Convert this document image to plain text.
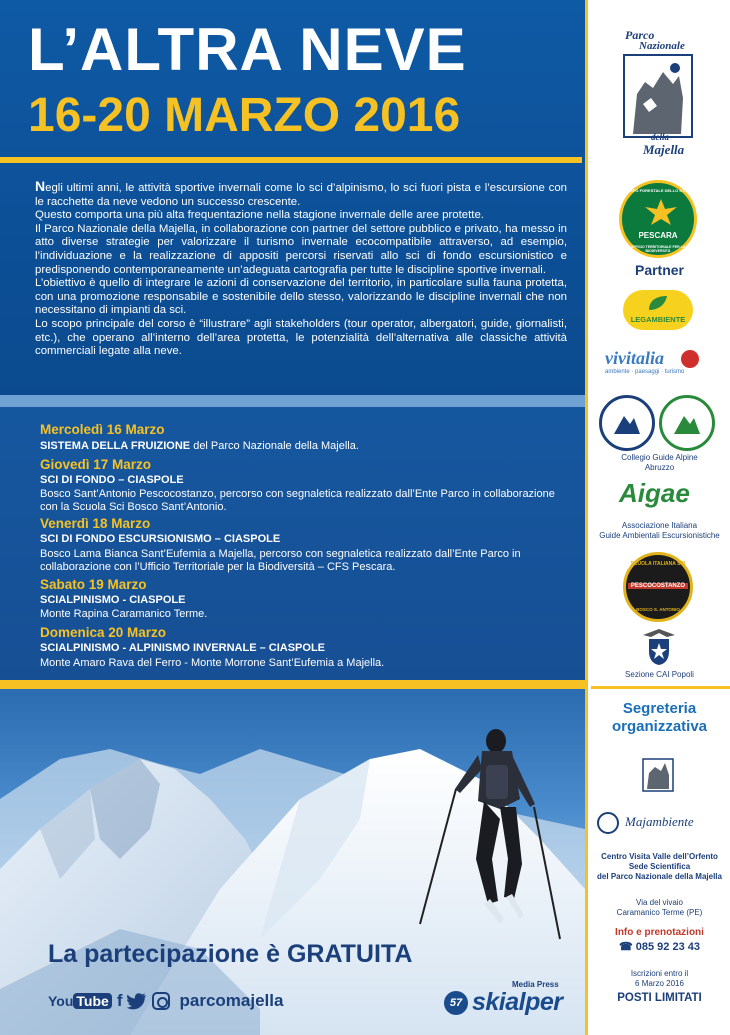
L’ALTRA NEVE
16-20 MARZO 2016

Negli ultimi anni, le attività sportive invernali come lo sci d’alpinismo, lo sci fuori pista e l’escursione con le racchette da neve vedono un successo crescente.

Questo comporta una più alta frequentazione nella stagione invernale delle aree protette.

Il Parco Nazionale della Majella, in collaborazione con partner del settore pubblico e privato, ha messo in atto diverse strategie per valorizzare il turismo invernale ecocompatibile attraverso, ad esempio, l’individuazione e la realizzazione di appositi percorsi riservati allo sci di fondo escursionistico e predisponendo contemporaneamente un’adeguata cartografia per tutte le discipline sportive invernali.

L’obiettivo è quello di integrare le azioni di conservazione del territorio, in particolare sulla fauna protetta, con una promozione responsabile e sostenibile dello stesso, valorizzando le discipline invernali che non necessitano di impianti da sci.

Lo scopo principale del corso è “illustrare” agli stakeholders (tour operator, albergatori, guide, giornalisti, etc.), che operano all’interno dell’area protetta, le potenzialità dell’alternativa alle classiche attività commerciali legate alla neve.

Mercoledì 16 Marzo
SISTEMA DELLA FRUIZIONE del Parco Nazionale della Majella.
Giovedì 17 Marzo
SCI DI FONDO – CIASPOLE
Bosco Sant’Antonio Pescocostanzo, percorso con segnaletica realizzato dall’Ente Parco in collaborazione con la Scuola Sci Bosco Sant’Antonio.
Venerdì 18 Marzo
SCI DI FONDO ESCURSIONISMO – CIASPOLE
Bosco Lama Bianca Sant’Eufemia a Majella, percorso con segnaletica realizzato dall’Ente Parco in collaborazione con l’Ufficio Territoriale per la Biodiversità – CFS Pescara.
Sabato 19 Marzo
SCIALPINISMO - CIASPOLE
Monte Rapina Caramanico Terme.
Domenica 20 Marzo
SCIALPINISMO - ALPINISMO INVERNALE – CIASPOLE
Monte Amaro Rava del Ferro - Monte Morrone Sant’Eufemia a Majella.
La partecipazione è GRATUITA
You Tube f	parcomajella
Media Press
57 skialper
Parco
Nazionale
della
Majella
CORPO FORESTALE DELLO STATO
UFFICIO TERRITORIALE PER LA BIODIVERSITÀ
PESCARA
Partner
LEGAMBIENTE
vivitalia
ambiente · paesaggi · turismo
Collegio Guide Alpine
Abruzzo
Aigae
Associazione Italiana
Guide Ambientali Escursionistiche
SCUOLA ITALIANA SCI
PESCOCOSTANZO
BOSCO S. ANTONIO
Sezione CAI Popoli
Segreteria
organizzativa
Majambiente
Centro Visita Valle dell’Orfento
Sede Scientifica
del Parco Nazionale della Majella
Via del vivaio
Caramanico Terme (PE)
Info e prenotazioni
☎ 085 92 23 43
Iscrizioni entro il
6 Marzo 2016
POSTI LIMITATI
